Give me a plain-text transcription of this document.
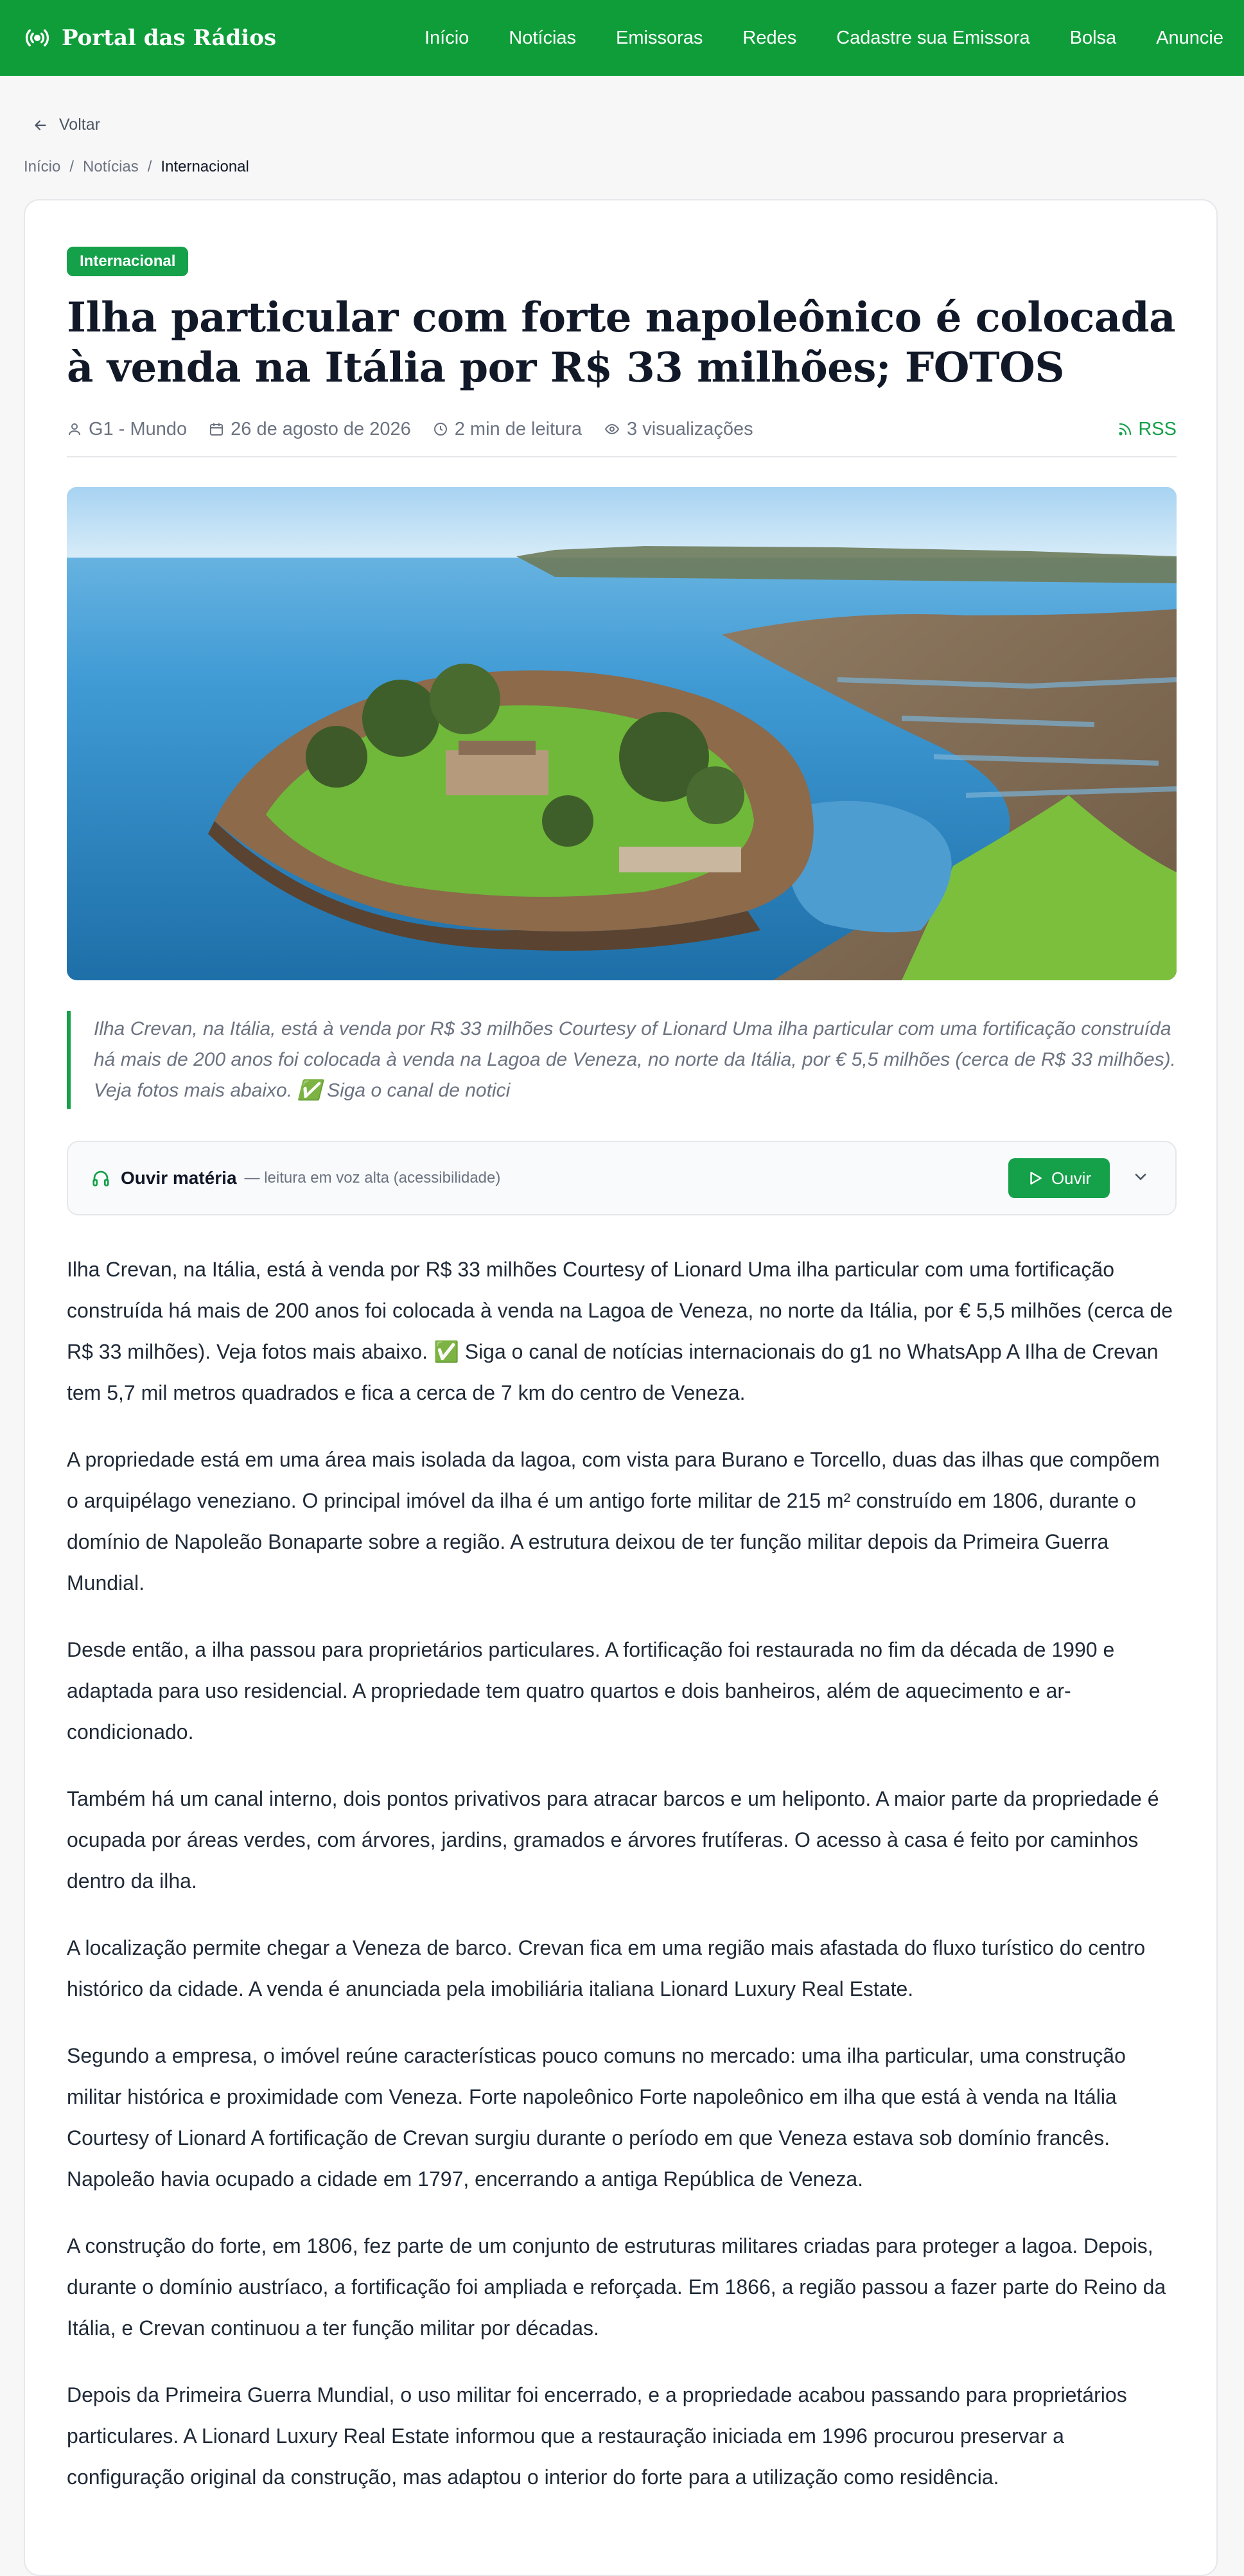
Portal das Rádios	Início Notícias Emissoras Redes Cadastre sua Emissora Bolsa Anuncie
Voltar
Início / Notícias / Internacional
Internacional
Ilha particular com forte napoleônico é colocada à venda na Itália por R$ 33 milhões; FOTOS
G1 - Mundo 26 de agosto de 2026 2 min de leitura 3 visualizações	RSS
Ilha Crevan, na Itália, está à venda por R$ 33 milhões Courtesy of Lionard Uma ilha particular com uma fortificação construída há mais de 200 anos foi colocada à venda na Lagoa de Veneza, no norte da Itália, por € 5,5 milhões (cerca de R$ 33 milhões). Veja fotos mais abaixo. ✅ Siga o canal de notici
Ouvir matéria — leitura em voz alta (acessibilidade)	Ouvir

Ilha Crevan, na Itália, está à venda por R$ 33 milhões Courtesy of Lionard Uma ilha particular com uma fortificação construída há mais de 200 anos foi colocada à venda na Lagoa de Veneza, no norte da Itália, por € 5,5 milhões (cerca de R$ 33 milhões). Veja fotos mais abaixo. ✅ Siga o canal de notícias internacionais do g1 no WhatsApp A Ilha de Crevan tem 5,7 mil metros quadrados e fica a cerca de 7 km do centro de Veneza.

A propriedade está em uma área mais isolada da lagoa, com vista para Burano e Torcello, duas das ilhas que compõem o arquipélago veneziano. O principal imóvel da ilha é um antigo forte militar de 215 m² construído em 1806, durante o domínio de Napoleão Bonaparte sobre a região. A estrutura deixou de ter função militar depois da Primeira Guerra Mundial.

Desde então, a ilha passou para proprietários particulares. A fortificação foi restaurada no fim da década de 1990 e adaptada para uso residencial. A propriedade tem quatro quartos e dois banheiros, além de aquecimento e ar-condicionado.

Também há um canal interno, dois pontos privativos para atracar barcos e um heliponto. A maior parte da propriedade é ocupada por áreas verdes, com árvores, jardins, gramados e árvores frutíferas. O acesso à casa é feito por caminhos dentro da ilha.

A localização permite chegar a Veneza de barco. Crevan fica em uma região mais afastada do fluxo turístico do centro histórico da cidade. A venda é anunciada pela imobiliária italiana Lionard Luxury Real Estate.

Segundo a empresa, o imóvel reúne características pouco comuns no mercado: uma ilha particular, uma construção militar histórica e proximidade com Veneza. Forte napoleônico Forte napoleônico em ilha que está à venda na Itália Courtesy of Lionard A fortificação de Crevan surgiu durante o período em que Veneza estava sob domínio francês. Napoleão havia ocupado a cidade em 1797, encerrando a antiga República de Veneza.

A construção do forte, em 1806, fez parte de um conjunto de estruturas militares criadas para proteger a lagoa. Depois, durante o domínio austríaco, a fortificação foi ampliada e reforçada. Em 1866, a região passou a fazer parte do Reino da Itália, e Crevan continuou a ter função militar por décadas.

Depois da Primeira Guerra Mundial, o uso militar foi encerrado, e a propriedade acabou passando para proprietários particulares. A Lionard Luxury Real Estate informou que a restauração iniciada em 1996 procurou preservar a configuração original da construção, mas adaptou o interior do forte para a utilização como residência.
